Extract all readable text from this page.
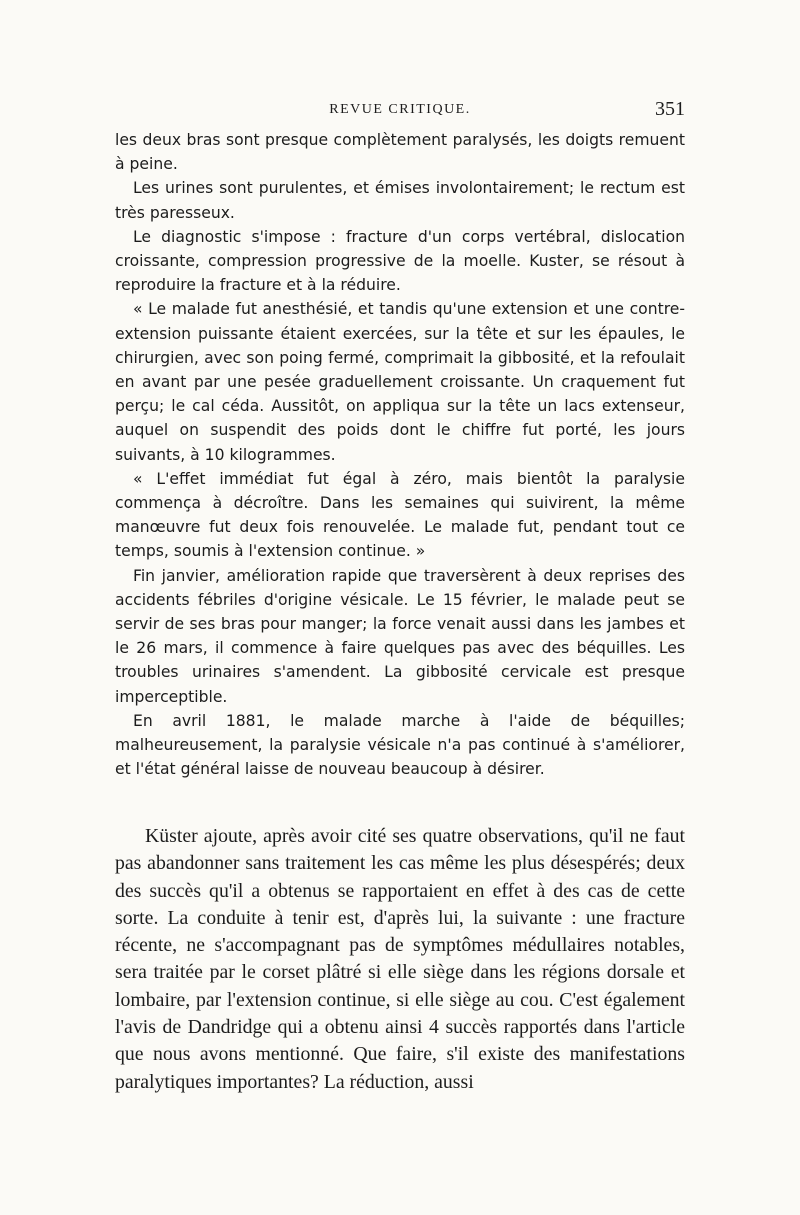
REVUE CRITIQUE.	351

les deux bras sont presque complètement paralysés, les doigts remuent à peine.

Les urines sont purulentes, et émises involontairement; le rectum est très paresseux.

Le diagnostic s'impose : fracture d'un corps vertébral, dislocation croissante, compression progressive de la moelle. Kuster, se résout à reproduire la fracture et à la réduire.

« Le malade fut anesthésié, et tandis qu'une extension et une contre-extension puissante étaient exercées, sur la tête et sur les épaules, le chirurgien, avec son poing fermé, comprimait la gibbosité, et la refoulait en avant par une pesée graduellement croissante. Un craquement fut perçu; le cal céda. Aussitôt, on appliqua sur la tête un lacs extenseur, auquel on suspendit des poids dont le chiffre fut porté, les jours suivants, à 10 kilogrammes.

« L'effet immédiat fut égal à zéro, mais bientôt la paralysie commença à décroître. Dans les semaines qui suivirent, la même manœuvre fut deux fois renouvelée. Le malade fut, pendant tout ce temps, soumis à l'extension continue. »

Fin janvier, amélioration rapide que traversèrent à deux reprises des accidents fébriles d'origine vésicale. Le 15 février, le malade peut se servir de ses bras pour manger; la force venait aussi dans les jambes et le 26 mars, il commence à faire quelques pas avec des béquilles. Les troubles urinaires s'amendent. La gibbosité cervicale est presque imperceptible.

En avril 1881, le malade marche à l'aide de béquilles; malheureusement, la paralysie vésicale n'a pas continué à s'améliorer, et l'état général laisse de nouveau beaucoup à désirer.

Küster ajoute, après avoir cité ses quatre observations, qu'il ne faut pas abandonner sans traitement les cas même les plus désespérés; deux des succès qu'il a obtenus se rapportaient en effet à des cas de cette sorte. La conduite à tenir est, d'après lui, la suivante : une fracture récente, ne s'accompagnant pas de symptômes médullaires notables, sera traitée par le corset plâtré si elle siège dans les régions dorsale et lombaire, par l'extension continue, si elle siège au cou. C'est également l'avis de Dandridge qui a obtenu ainsi 4 succès rapportés dans l'article que nous avons mentionné. Que faire, s'il existe des manifestations paralytiques importantes? La réduction, aussi
